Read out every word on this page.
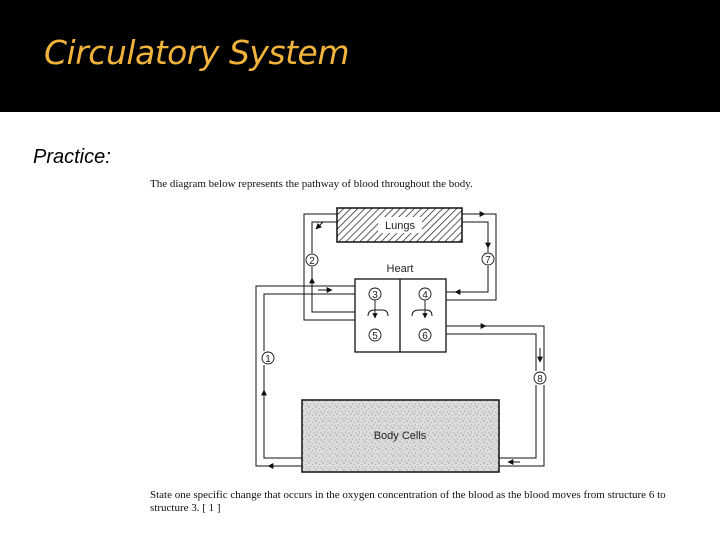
Circulatory System
Practice:
The diagram below represents the pathway of blood throughout the body.
Lungs
Heart
Body Cells
1
2
3	4
5	6
7
8
State one specific change that occurs in the oxygen concentration of the blood as the blood moves from structure 6 to structure 3. [ 1 ]
